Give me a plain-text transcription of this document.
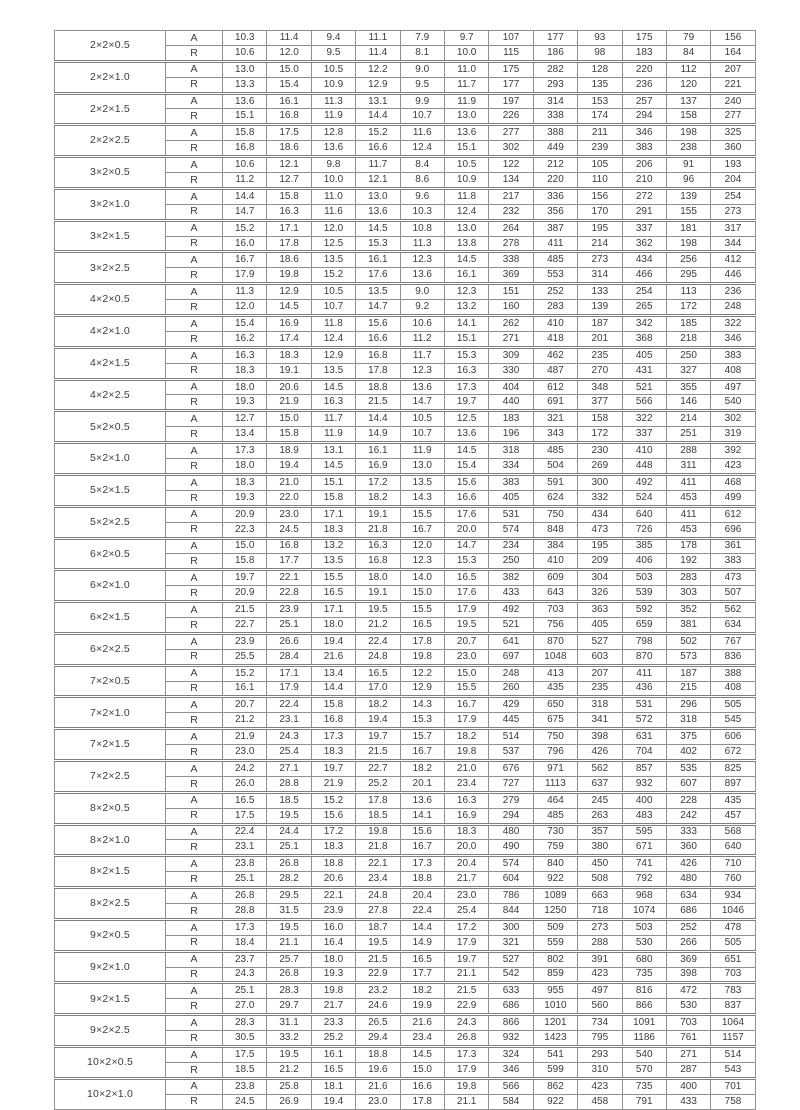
2×2×0.5	A	10.3	11.4	9.4	11.1	7.9	9.7	107	177	93	175	79	156
	R	10.6	12.0	9.5	11.4	8.1	10.0	115	186	98	183	84	164
2×2×1.0	A	13.0	15.0	10.5	12.2	9.0	11.0	175	282	128	220	112	207
	R	13.3	15.4	10.9	12.9	9.5	11.7	177	293	135	236	120	221
2×2×1.5	A	13.6	16.1	11.3	13.1	9.9	11.9	197	314	153	257	137	240
	R	15.1	16.8	11.9	14.4	10.7	13.0	226	338	174	294	158	277
2×2×2.5	A	15.8	17.5	12.8	15.2	11.6	13.6	277	388	211	346	198	325
	R	16.8	18.6	13.6	16.6	12.4	15.1	302	449	239	383	238	360
3×2×0.5	A	10.6	12.1	9.8	11.7	8.4	10.5	122	212	105	206	91	193
	R	11.2	12.7	10.0	12.1	8.6	10.9	134	220	110	210	96	204
3×2×1.0	A	14.4	15.8	11.0	13.0	9.6	11.8	217	336	156	272	139	254
	R	14.7	16.3	11.6	13.6	10.3	12.4	232	356	170	291	155	273
3×2×1.5	A	15.2	17.1	12.0	14.5	10.8	13.0	264	387	195	337	181	317
	R	16.0	17.8	12.5	15.3	11.3	13.8	278	411	214	362	198	344
3×2×2.5	A	16.7	18.6	13.5	16.1	12.3	14.5	338	485	273	434	256	412
	R	17.9	19.8	15.2	17.6	13.6	16.1	369	553	314	466	295	446
4×2×0.5	A	11.3	12.9	10.5	13.5	9.0	12.3	151	252	133	254	113	236
	R	12.0	14.5	10.7	14.7	9.2	13.2	160	283	139	265	172	248
4×2×1.0	A	15.4	16.9	11.8	15.6	10.6	14.1	262	410	187	342	185	322
	R	16.2	17.4	12.4	16.6	11.2	15.1	271	418	201	368	218	346
4×2×1.5	A	16.3	18.3	12.9	16.8	11.7	15.3	309	462	235	405	250	383
	R	18.3	19.1	13.5	17.8	12.3	16.3	330	487	270	431	327	408
4×2×2.5	A	18.0	20.6	14.5	18.8	13.6	17.3	404	612	348	521	355	497
	R	19.3	21.9	16.3	21.5	14.7	19.7	440	691	377	566	146	540
5×2×0.5	A	12.7	15.0	11.7	14.4	10.5	12.5	183	321	158	322	214	302
	R	13.4	15.8	11.9	14.9	10.7	13.6	196	343	172	337	251	319
5×2×1.0	A	17.3	18.9	13.1	16.1	11.9	14.5	318	485	230	410	288	392
	R	18.0	19.4	14.5	16.9	13.0	15.4	334	504	269	448	311	423
5×2×1.5	A	18.3	21.0	15.1	17.2	13.5	15.6	383	591	300	492	411	468
	R	19.3	22.0	15.8	18.2	14.3	16.6	405	624	332	524	453	499
5×2×2.5	A	20.9	23.0	17.1	19.1	15.5	17.6	531	750	434	640	411	612
	R	22.3	24.5	18.3	21.8	16.7	20.0	574	848	473	726	453	696
6×2×0.5	A	15.0	16.8	13.2	16.3	12.0	14.7	234	384	195	385	178	361
	R	15.8	17.7	13.5	16.8	12.3	15.3	250	410	209	406	192	383
6×2×1.0	A	19.7	22.1	15.5	18.0	14.0	16.5	382	609	304	503	283	473
	R	20.9	22.8	16.5	19.1	15.0	17.6	433	643	326	539	303	507
6×2×1.5	A	21.5	23.9	17.1	19.5	15.5	17.9	492	703	363	592	352	562
	R	22.7	25.1	18.0	21.2	16.5	19.5	521	756	405	659	381	634
6×2×2.5	A	23.9	26.6	19.4	22.4	17.8	20.7	641	870	527	798	502	767
	R	25.5	28.4	21.6	24.8	19.8	23.0	697	1048	603	870	573	836
7×2×0.5	A	15.2	17.1	13.4	16.5	12.2	15.0	248	413	207	411	187	388
	R	16.1	17.9	14.4	17.0	12.9	15.5	260	435	235	436	215	408
7×2×1.0	A	20.7	22.4	15.8	18.2	14.3	16.7	429	650	318	531	296	505
	R	21.2	23.1	16.8	19.4	15.3	17.9	445	675	341	572	318	545
7×2×1.5	A	21.9	24.3	17.3	19.7	15.7	18.2	514	750	398	631	375	606
	R	23.0	25.4	18.3	21.5	16.7	19.8	537	796	426	704	402	672
7×2×2.5	A	24.2	27.1	19.7	22.7	18.2	21.0	676	971	562	857	535	825
	R	26.0	28.8	21.9	25.2	20.1	23.4	727	1113	637	932	607	897
8×2×0.5	A	16.5	18.5	15.2	17.8	13.6	16.3	279	464	245	400	228	435
	R	17.5	19.5	15.6	18.5	14.1	16.9	294	485	263	483	242	457
8×2×1.0	A	22.4	24.4	17.2	19.8	15.6	18.3	480	730	357	595	333	568
	R	23.1	25.1	18.3	21.8	16.7	20.0	490	759	380	671	360	640
8×2×1.5	A	23.8	26.8	18.8	22.1	17.3	20.4	574	840	450	741	426	710
	R	25.1	28.2	20.6	23.4	18.8	21.7	604	922	508	792	480	760
8×2×2.5	A	26.8	29.5	22.1	24.8	20.4	23.0	786	1089	663	968	634	934
	R	28.8	31.5	23.9	27.8	22.4	25.4	844	1250	718	1074	686	1046
9×2×0.5	A	17.3	19.5	16.0	18.7	14.4	17.2	300	509	273	503	252	478
	R	18.4	21.1	16.4	19.5	14.9	17.9	321	559	288	530	266	505
9×2×1.0	A	23.7	25.7	18.0	21.5	16.5	19.7	527	802	391	680	369	651
	R	24.3	26.8	19.3	22.9	17.7	21.1	542	859	423	735	398	703
9×2×1.5	A	25.1	28.3	19.8	23.2	18.2	21.5	633	955	497	816	472	783
	R	27.0	29.7	21.7	24.6	19.9	22.9	686	1010	560	866	530	837
9×2×2.5	A	28.3	31.1	23.3	26.5	21.6	24.3	866	1201	734	1091	703	1064
	R	30.5	33.2	25.2	29.4	23.4	26.8	932	1423	795	1186	761	1157
10×2×0.5	A	17.5	19.5	16.1	18.8	14.5	17.3	324	541	293	540	271	514
	R	18.5	21.2	16.5	19.6	15.0	17.9	346	599	310	570	287	543
10×2×1.0	A	23.8	25.8	18.1	21.6	16.6	19.8	566	862	423	735	400	701
	R	24.5	26.9	19.4	23.0	17.8	21.1	584	922	458	791	433	758
